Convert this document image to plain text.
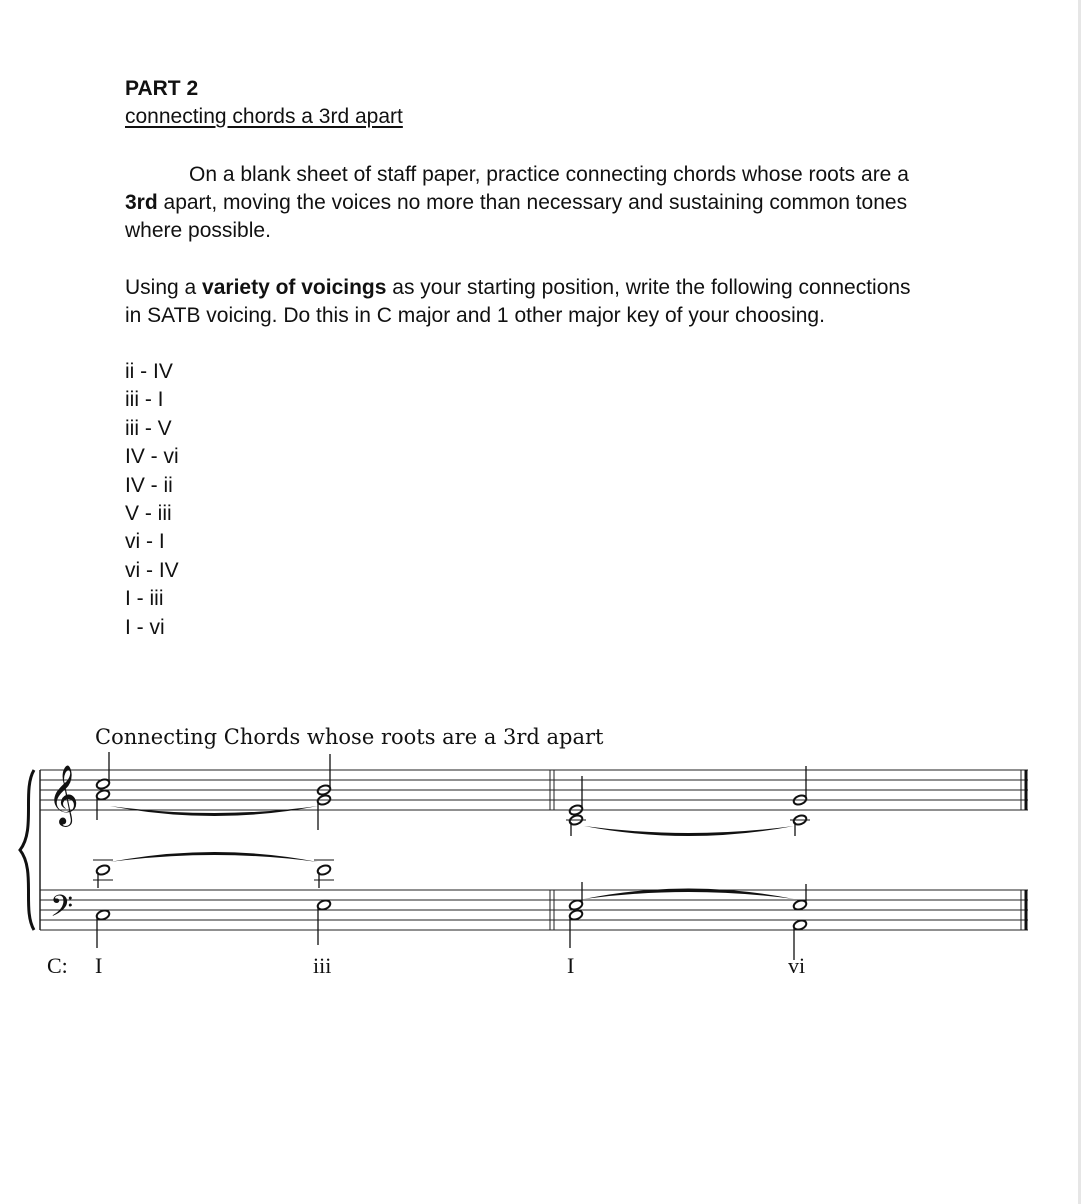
PART 2
connecting chords a 3rd apart

On a blank sheet of staff paper, practice connecting chords whose roots are a 3rd apart, moving the voices no more than necessary and sustaining common tones where possible.

Using a variety of voicings as your starting position, write the following connections in SATB voicing. Do this in C major and 1 other major key of your choosing.

ii - IV
iii - I
iii - V
IV - vi
IV - ii
V - iii
vi - I
vi - IV
I - iii
I - vi
Connecting Chords whose roots are a 3rd apart
𝄞
𝄢
C: I	iii	I	vi
